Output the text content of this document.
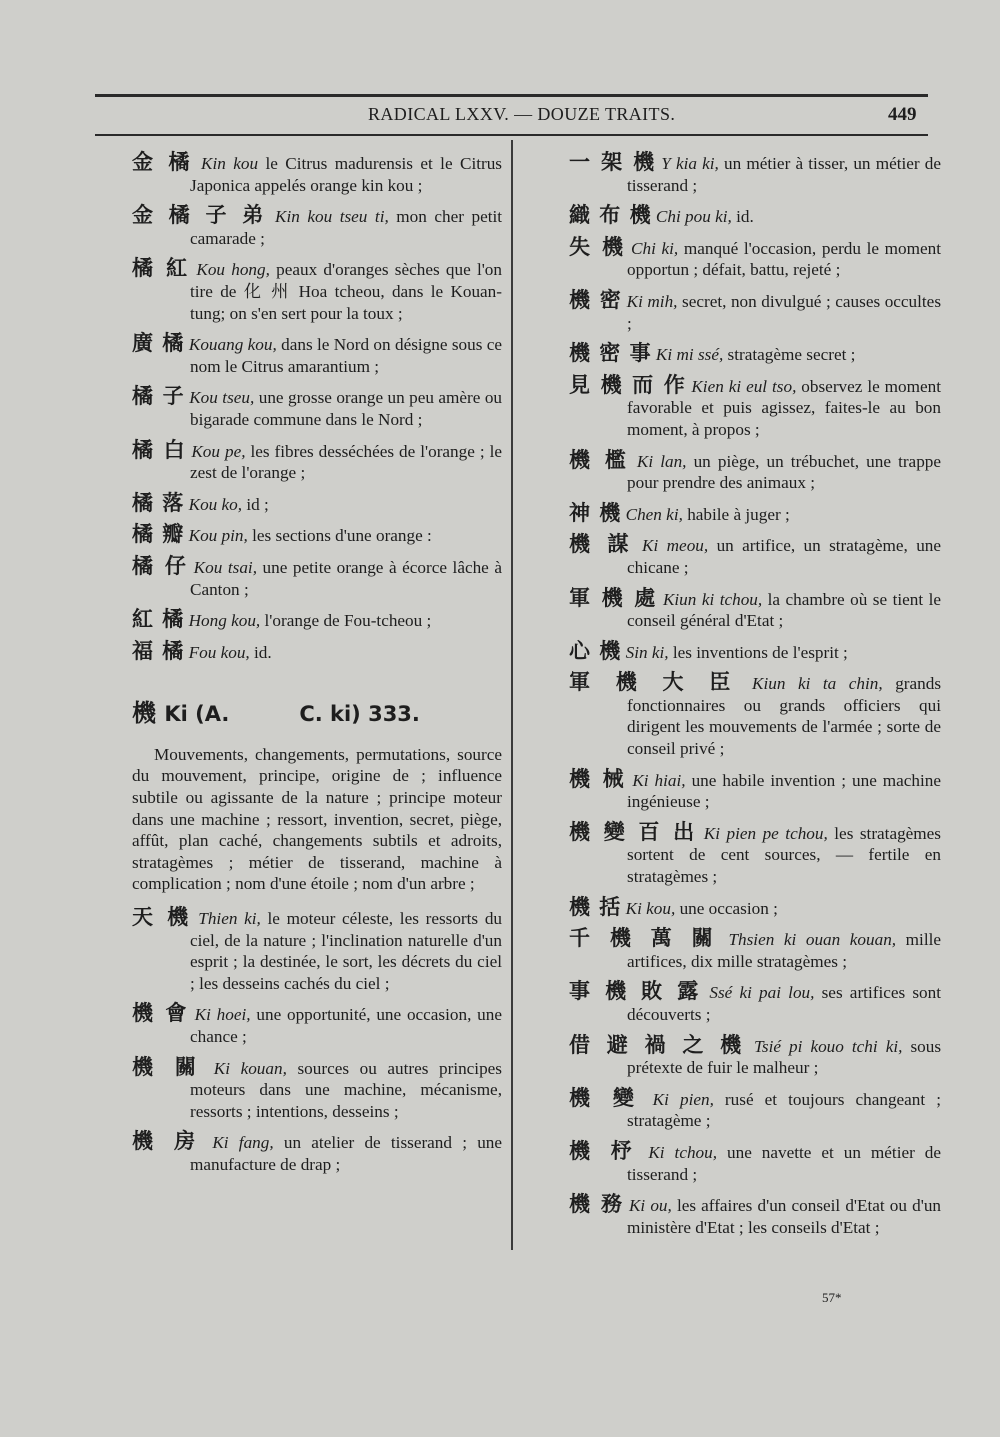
RADICAL LXXV. — DOUZE TRAITS.	449
金 橘 Kin kou le Citrus madurensis et le Citrus Japonica appelés orange kin kou ;
金 橘 子 弟 Kin kou tseu ti, mon cher petit camarade ;
橘 紅 Kou hong, peaux d'oranges sèches que l'on tire de 化 州 Hoa tcheou, dans le Kouan-tung; on s'en sert pour la toux ;
廣 橘 Kouang kou, dans le Nord on désigne sous ce nom le Citrus amarantium ;
橘 子 Kou tseu, une grosse orange un peu amère ou bigarade commune dans le Nord ;
橘 白 Kou pe, les fibres desséchées de l'orange ; le zest de l'orange ;
橘 落 Kou ko, id ;
橘 瓣 Kou pin, les sections d'une orange :
橘 仔 Kou tsai, une petite orange à écorce lâche à Canton ;
紅 橘 Hong kou, l'orange de Fou-tcheou ;
福 橘 Fou kou, id.
機 Ki (A.	C. ki) 333.
Mouvements, changements, permutations, source du mouvement, principe, origine de ; influence subtile ou agissante de la nature ; principe moteur dans une machine ; ressort, invention, secret, piège, affût, plan caché, changements subtils et adroits, stratagèmes ; métier de tisserand, machine à complication ; nom d'une étoile ; nom d'un arbre ;
天 機 Thien ki, le moteur céleste, les ressorts du ciel, de la nature ; l'inclination naturelle d'un esprit ; la destinée, le sort, les décrets du ciel ; les desseins cachés du ciel ;
機 會 Ki hoei, une opportunité, une occasion, une chance ;
機 關 Ki kouan, sources ou autres principes moteurs dans une machine, mécanisme, ressorts ; intentions, desseins ;
機 房 Ki fang, un atelier de tisserand ; une manufacture de drap ;
一 架 機 Y kia ki, un métier à tisser, un métier de tisserand ;
織 布 機 Chi pou ki, id.
失 機 Chi ki, manqué l'occasion, perdu le moment opportun ; défait, battu, rejeté ;
機 密 Ki mih, secret, non divulgué ; causes occultes ;
機 密 事 Ki mi ssé, stratagème secret ;
見 機 而 作 Kien ki eul tso, observez le moment favorable et puis agissez, faites-le au bon moment, à propos ;
機 檻 Ki lan, un piège, un trébuchet, une trappe pour prendre des animaux ;
神 機 Chen ki, habile à juger ;
機 謀 Ki meou, un artifice, un stratagème, une chicane ;
軍 機 處 Kiun ki tchou, la chambre où se tient le conseil général d'Etat ;
心 機 Sin ki, les inventions de l'esprit ;
軍 機 大 臣 Kiun ki ta chin, grands fonctionnaires ou grands officiers qui dirigent les mouvements de l'armée ; sorte de conseil privé ;
機 械 Ki hiai, une habile invention ; une machine ingénieuse ;
機 變 百 出 Ki pien pe tchou, les stratagèmes sortent de cent sources, — fertile en stratagèmes ;
機 括 Ki kou, une occasion ;
千 機 萬 關 Thsien ki ouan kouan, mille artifices, dix mille stratagèmes ;
事 機 敗 露 Ssé ki pai lou, ses artifices sont découverts ;
借 避 禍 之 機 Tsié pi kouo tchi ki, sous prétexte de fuir le malheur ;
機 變 Ki pien, rusé et toujours changeant ; stratagème ;
機 杼 Ki tchou, une navette et un métier de tisserand ;
機 務 Ki ou, les affaires d'un conseil d'Etat ou d'un ministère d'Etat ; les conseils d'Etat ;
57*
